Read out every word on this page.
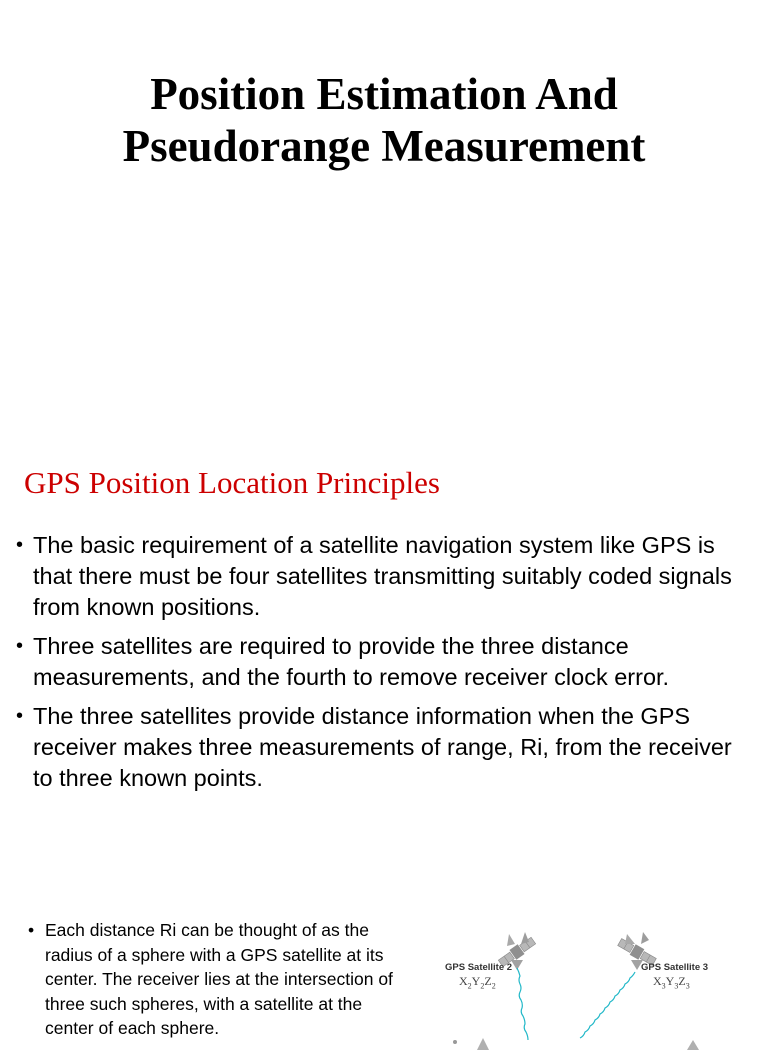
Position Estimation And
Pseudorange Measurement
GPS Position Location Principles
• The basic requirement of a satellite navigation system like GPS is that there must be four satellites transmitting suitably coded signals from known positions.
• Three satellites are required to provide the three distance measurements, and the fourth to remove receiver clock error.
• The three satellites provide distance information when the GPS receiver makes three measurements of range, Ri, from the receiver to three known points.
• Each distance Ri can be thought of as the radius of a sphere with a GPS satellite at its center. The receiver lies at the intersection of three such spheres, with a satellite at the center of each sphere.
GPS Satellite 2
$X_2Y_2Z_2$
GPS Satellite 3
$X_3Y_3Z_3$
